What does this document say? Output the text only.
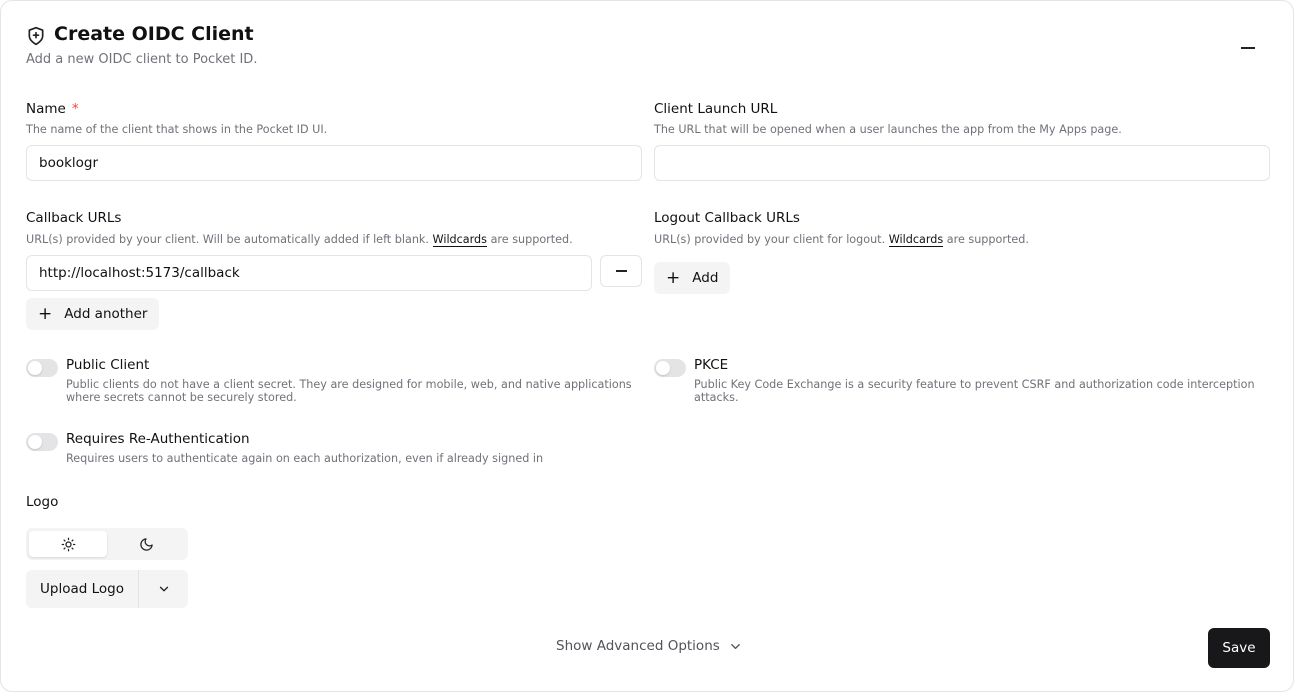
Create OIDC Client
Add a new OIDC client to Pocket ID.
Name *
The name of the client that shows in the Pocket ID UI.
booklogr
Client Launch URL
The URL that will be opened when a user launches the app from the My Apps page.
Callback URLs
URL(s) provided by your client. Will be automatically added if left blank. Wildcards are supported.
http://localhost:5173/callback
+ Add another
Logout Callback URLs
URL(s) provided by your client for logout. Wildcards are supported.
+ Add
Public Client
Public clients do not have a client secret. They are designed for mobile, web, and native applications where secrets cannot be securely stored.
PKCE
Public Key Code Exchange is a security feature to prevent CSRF and authorization code interception attacks.
Requires Re-Authentication
Requires users to authenticate again on each authorization, even if already signed in
Logo
Upload Logo
Show Advanced Options	Save
